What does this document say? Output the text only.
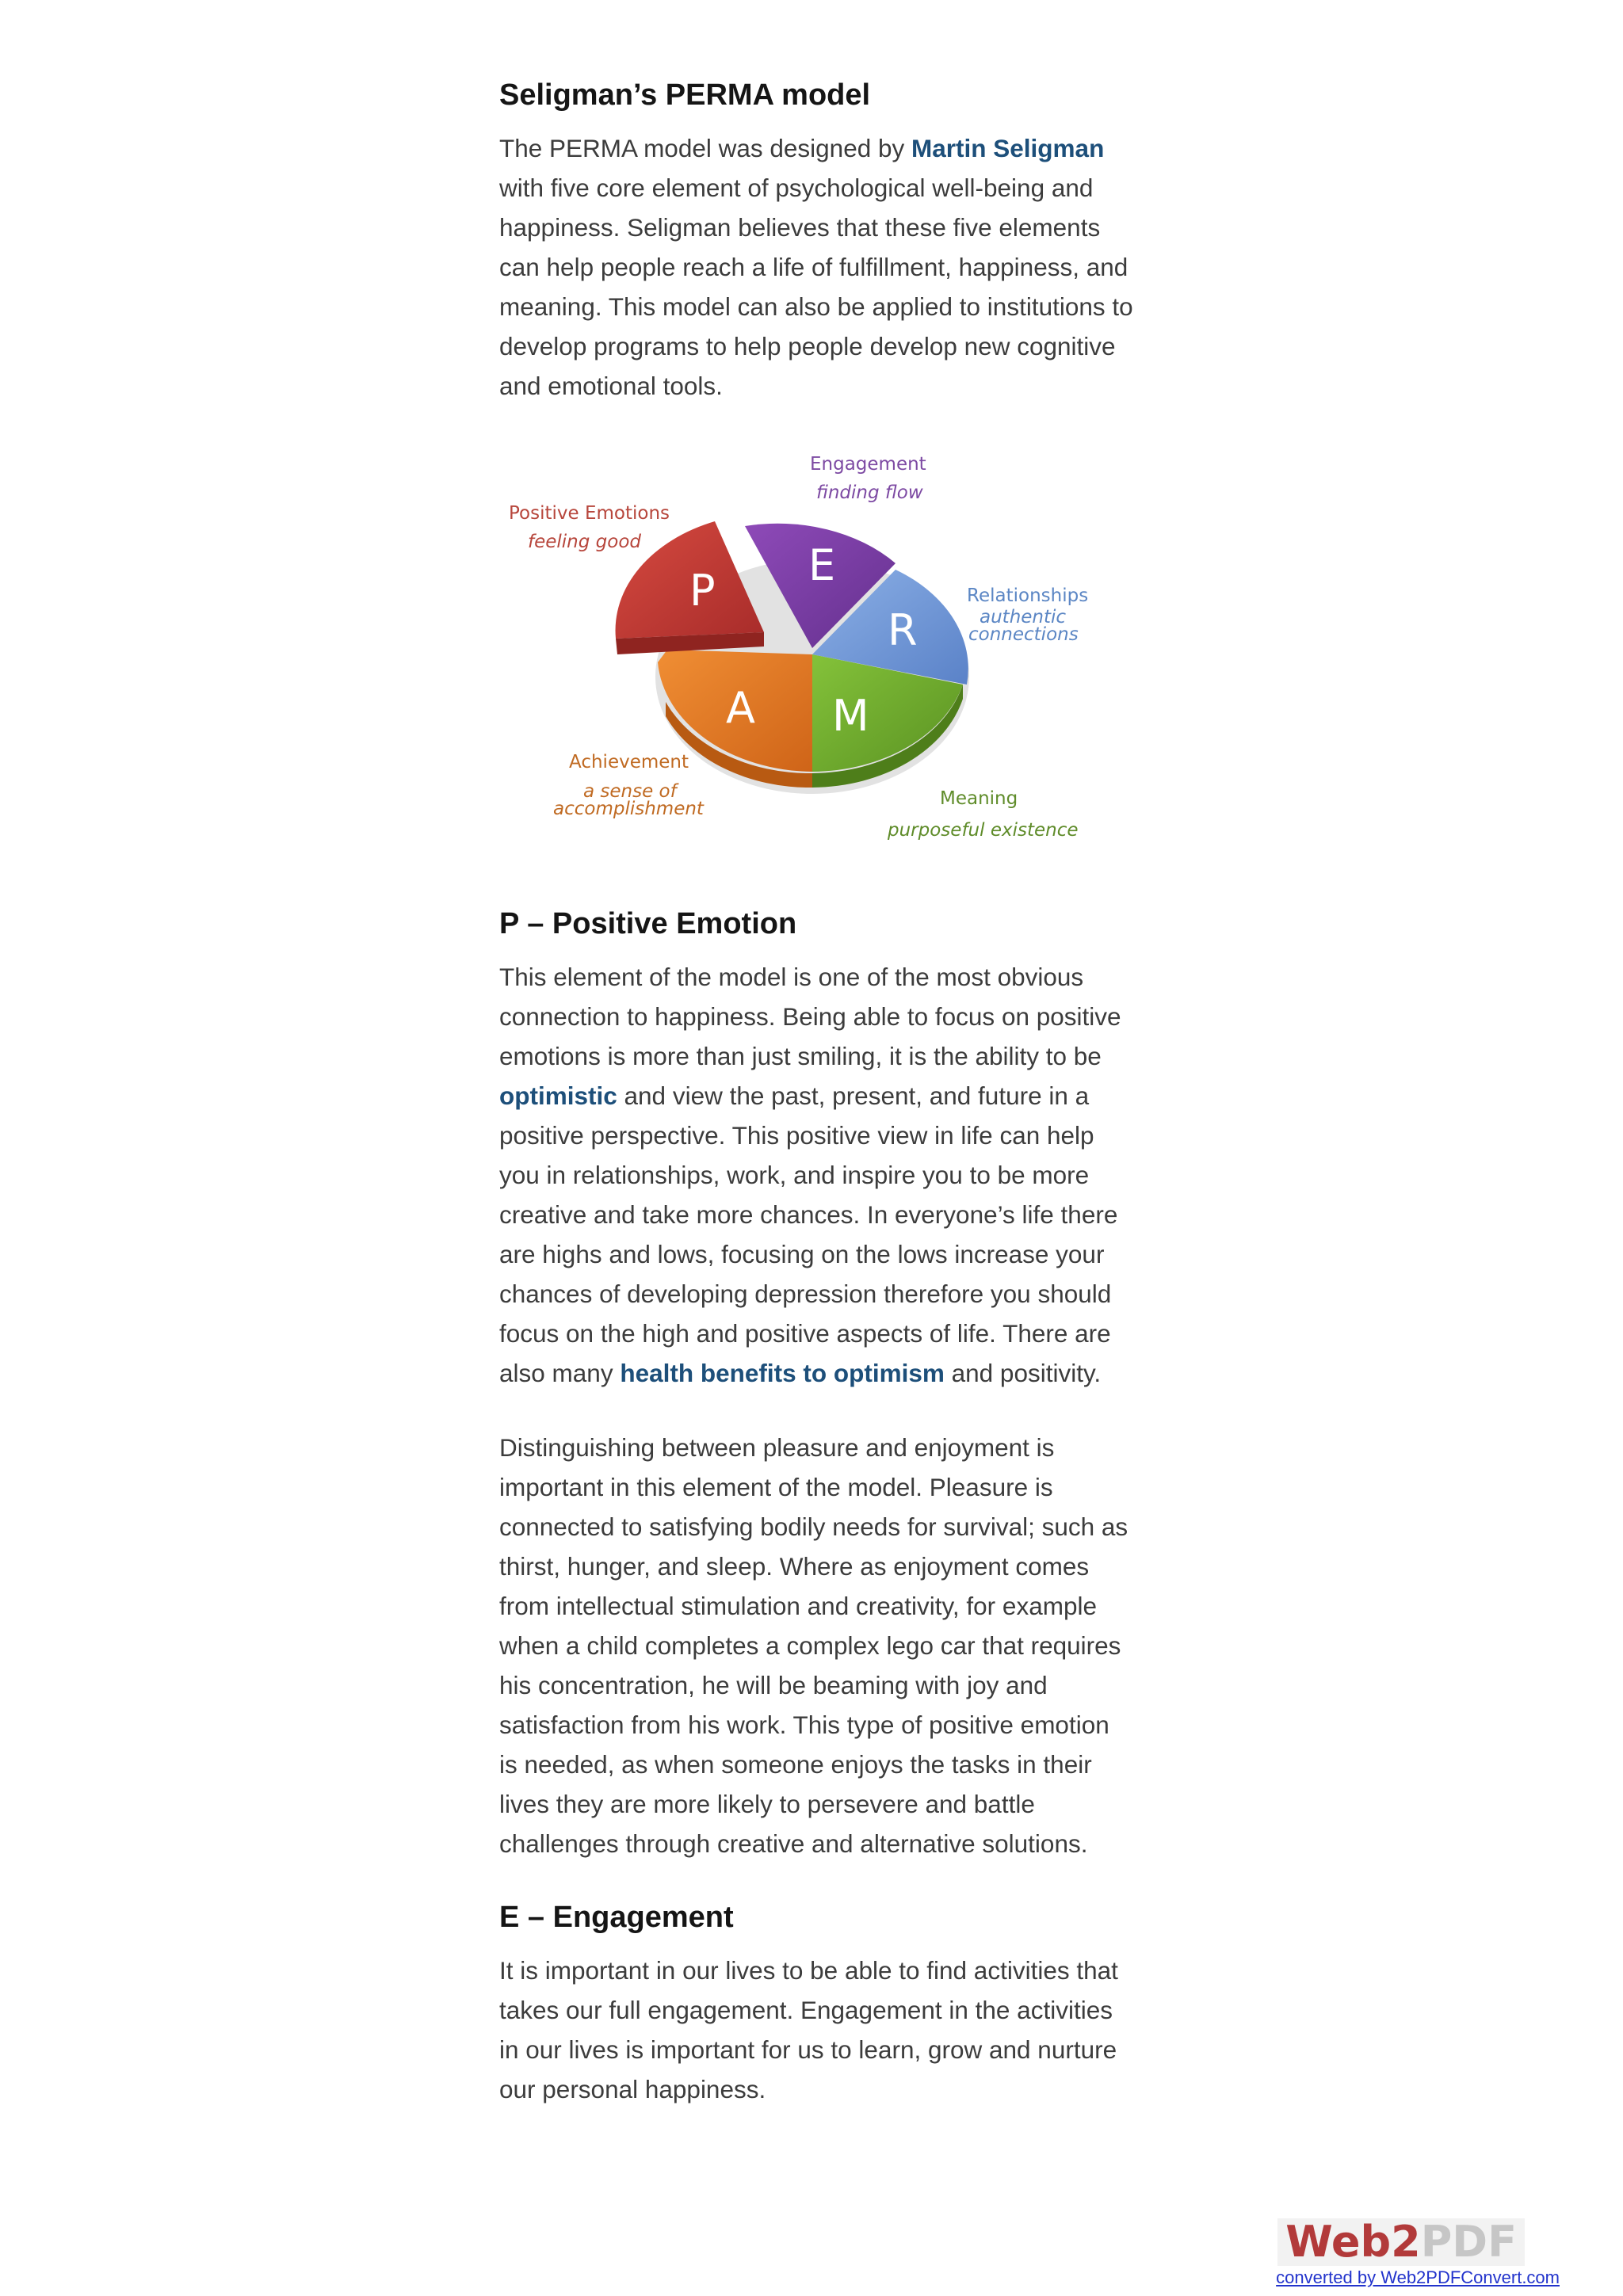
Seligman’s PERMA model

The PERMA model was designed by Martin Seligman with five core element of psychological well-being and happiness. Seligman believes that these five elements can help people reach a life of fulfillment, happiness, and meaning. This model can also be applied to institutions to develop programs to help people develop new cognitive and emotional tools.

P
E
R
M
A
Positive Emotions
feeling good
Engagement
finding flow
Relationships
authentic
connections
Meaning
purposeful existence
Achievement
a sense of
accomplishment
P – Positive Emotion

This element of the model is one of the most obvious connection to happiness. Being able to focus on positive emotions is more than just smiling, it is the ability to be optimistic and view the past, present, and future in a positive perspective. This positive view in life can help you in relationships, work, and inspire you to be more creative and take more chances. In everyone’s life there are highs and lows, focusing on the lows increase your chances of developing depression therefore you should focus on the high and positive aspects of life. There are also many health benefits to optimism and positivity.

Distinguishing between pleasure and enjoyment is important in this element of the model. Pleasure is connected to satisfying bodily needs for survival; such as thirst, hunger, and sleep. Where as enjoyment comes from intellectual stimulation and creativity, for example when a child completes a complex lego car that requires his concentration, he will be beaming with joy and satisfaction from his work. This type of positive emotion is needed, as when someone enjoys the tasks in their lives they are more likely to persevere and battle challenges through creative and alternative solutions.

E – Engagement

It is important in our lives to be able to find activities that takes our full engagement. Engagement in the activities in our lives is important for us to learn, grow and nurture our personal happiness.

Web2PDF
converted by Web2PDFConvert.com
